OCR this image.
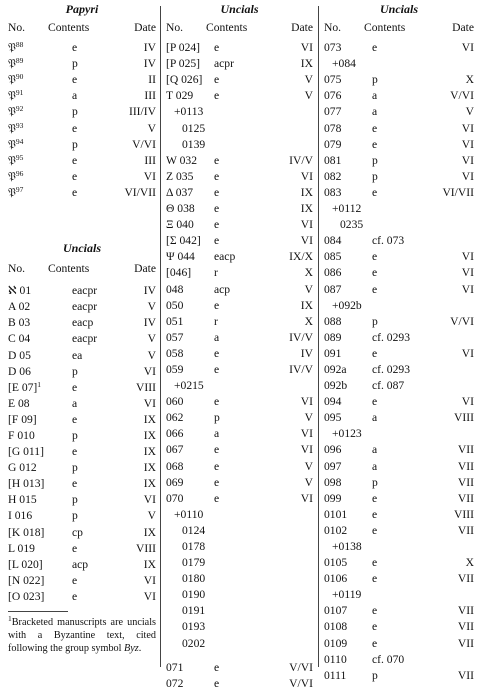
Papyri
No. Contents	Date
𝔓$^{88}$	e	IV
𝔓$^{89}$	p	IV
𝔓$^{90}$	e	II
𝔓$^{91}$	a	III
𝔓$^{92}$	p	III/IV
𝔓$^{93}$	e	V
𝔓$^{94}$	p	V/VI
𝔓$^{95}$	e	III
𝔓$^{96}$	e	VI
𝔓$^{97}$	e	VI/VII
Uncials
No. Contents	Date
ℵ 01	eacpr	IV
A 02	eacpr	V
B 03	eacp	IV
C 04	eacpr	V
D 05	ea	V
D 06	p	VI
[E 07]$^1$	e	VIII
E 08	a	VI
[F 09]	e	IX
F 010	p	IX
[G 011] e	IX
G 012	p	IX
[H 013] e	IX
H 015	p	VI
I 016	p	V
[K 018] cp	IX
L 019	e	VIII
[L 020]	acp	IX
[N 022] e	VI
[O 023] e	VI
$^1$Bracketed manuscripts are uncials with a Byzantine text, cited following the group symbol Byz.
Uncials
No. Contents	Date
[P 024] e	VI
[P 025] acpr	IX
[Q 026] e	V
T 029 e	V
+0113
0125
0139
W 032 e	IV/V
Z 035 e	VI
Δ 037 e	IX
Θ 038 e	IX
Ξ 040 e	VI
[Σ 042] e	VI
Ψ 044 eacp	IX/X
[046] r	X
048	acp	V
050	e	IX
051	r	X
057	a	IV/V
058	e	IV
059	e	IV/V
+0215
060	e	VI
062	p	V
066	a	VI
067	e	VI
068	e	V
069	e	V
070	e	VI
+0110
0124
0178
0179
0180
0190
0191
0193
0202
071	e	V/VI
072	e	V/VI
Uncials
No. Contents	Date
073	e	VI
+084
075	p	X
076	a	V/VI
077	a	V
078	e	VI
079	e	VI
081	p	VI
082	p	VI
083	e	VI/VII
+0112
0235
084	cf. 073
085	e	VI
086	e	VI
087	e	VI
+092b
088	p	V/VI
089	cf. 0293
091	e	VI
092a cf. 0293
092b cf. 087
094	e	VI
095	a	VIII
+0123
096	a	VII
097	a	VII
098	p	VII
099	e	VII
0101 e	VIII
0102 e	VII
+0138
0105 e	X
0106 e	VII
+0119
0107 e	VII
0108 e	VII
0109 e	VII
0110 cf. 070
0111 p	VII
